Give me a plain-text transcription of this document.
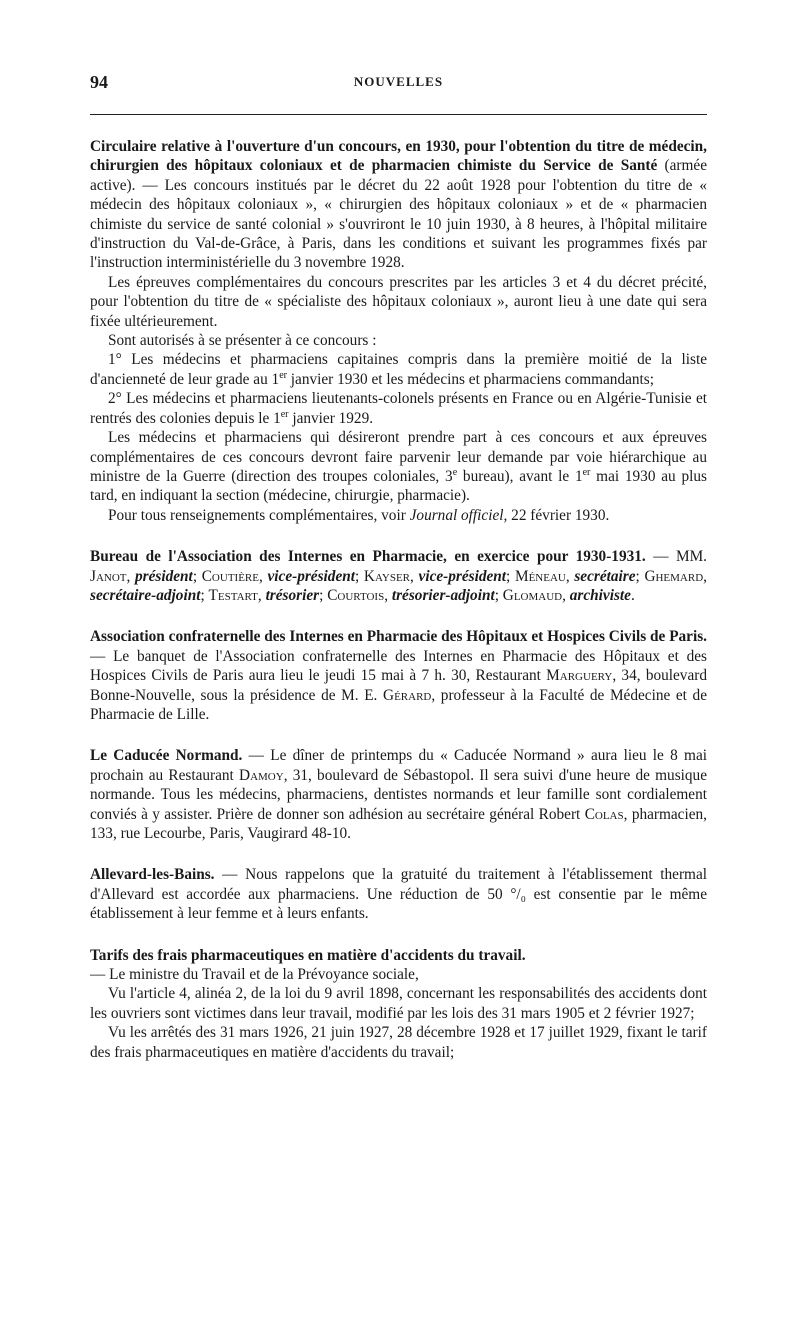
94	NOUVELLES

Circulaire relative à l'ouverture d'un concours, en 1930, pour l'obtention du titre de médecin, chirurgien des hôpitaux coloniaux et de pharmacien chimiste du Service de Santé (armée active). — Les concours institués par le décret du 22 août 1928 pour l'obtention du titre de « médecin des hôpitaux coloniaux », « chirurgien des hôpitaux coloniaux » et de « pharmacien chimiste du service de santé colonial » s'ouvriront le 10 juin 1930, à 8 heures, à l'hôpital militaire d'instruction du Val-de-Grâce, à Paris, dans les conditions et suivant les programmes fixés par l'instruction interministérielle du 3 novembre 1928.

Les épreuves complémentaires du concours prescrites par les articles 3 et 4 du décret précité, pour l'obtention du titre de « spécialiste des hôpitaux coloniaux », auront lieu à une date qui sera fixée ultérieurement.

Sont autorisés à se présenter à ce concours :

1° Les médecins et pharmaciens capitaines compris dans la première moitié de la liste d'ancienneté de leur grade au 1er janvier 1930 et les médecins et pharmaciens commandants;

2° Les médecins et pharmaciens lieutenants-colonels présents en France ou en Algérie-Tunisie et rentrés des colonies depuis le 1er janvier 1929.

Les médecins et pharmaciens qui désireront prendre part à ces concours et aux épreuves complémentaires de ces concours devront faire parvenir leur demande par voie hiérarchique au ministre de la Guerre (direction des troupes coloniales, 3e bureau), avant le 1er mai 1930 au plus tard, en indiquant la section (médecine, chirurgie, pharmacie).

Pour tous renseignements complémentaires, voir Journal officiel, 22 février 1930.

Bureau de l'Association des Internes en Pharmacie, en exercice pour 1930-1931. — MM. Janot, président; Coutière, vice-président; Kayser, vice-président; Méneau, secrétaire; Ghemard, secrétaire-adjoint; Testart, trésorier; Courtois, trésorier-adjoint; Glomaud, archiviste.

Association confraternelle des Internes en Pharmacie des Hôpitaux et Hospices Civils de Paris. — Le banquet de l'Association confraternelle des Internes en Pharmacie des Hôpitaux et des Hospices Civils de Paris aura lieu le jeudi 15 mai à 7 h. 30, Restaurant Marguery, 34, boulevard Bonne-Nouvelle, sous la présidence de M. E. Gérard, professeur à la Faculté de Médecine et de Pharmacie de Lille.

Le Caducée Normand. — Le dîner de printemps du « Caducée Normand » aura lieu le 8 mai prochain au Restaurant Damoy, 31, boulevard de Sébastopol. Il sera suivi d'une heure de musique normande. Tous les médecins, pharmaciens, dentistes normands et leur famille sont cordialement conviés à y assister. Prière de donner son adhésion au secrétaire général Robert Colas, pharmacien, 133, rue Lecourbe, Paris, Vaugirard 48-10.

Allevard-les-Bains. — Nous rappelons que la gratuité du traitement à l'établissement thermal d'Allevard est accordée aux pharmaciens. Une réduction de 50 °/₀ est consentie par le même établissement à leur femme et à leurs enfants.

Tarifs des frais pharmaceutiques en matière d'accidents du travail.

— Le ministre du Travail et de la Prévoyance sociale,

Vu l'article 4, alinéa 2, de la loi du 9 avril 1898, concernant les responsabilités des accidents dont les ouvriers sont victimes dans leur travail, modifié par les lois des 31 mars 1905 et 2 février 1927;

Vu les arrêtés des 31 mars 1926, 21 juin 1927, 28 décembre 1928 et 17 juillet 1929, fixant le tarif des frais pharmaceutiques en matière d'accidents du travail;
